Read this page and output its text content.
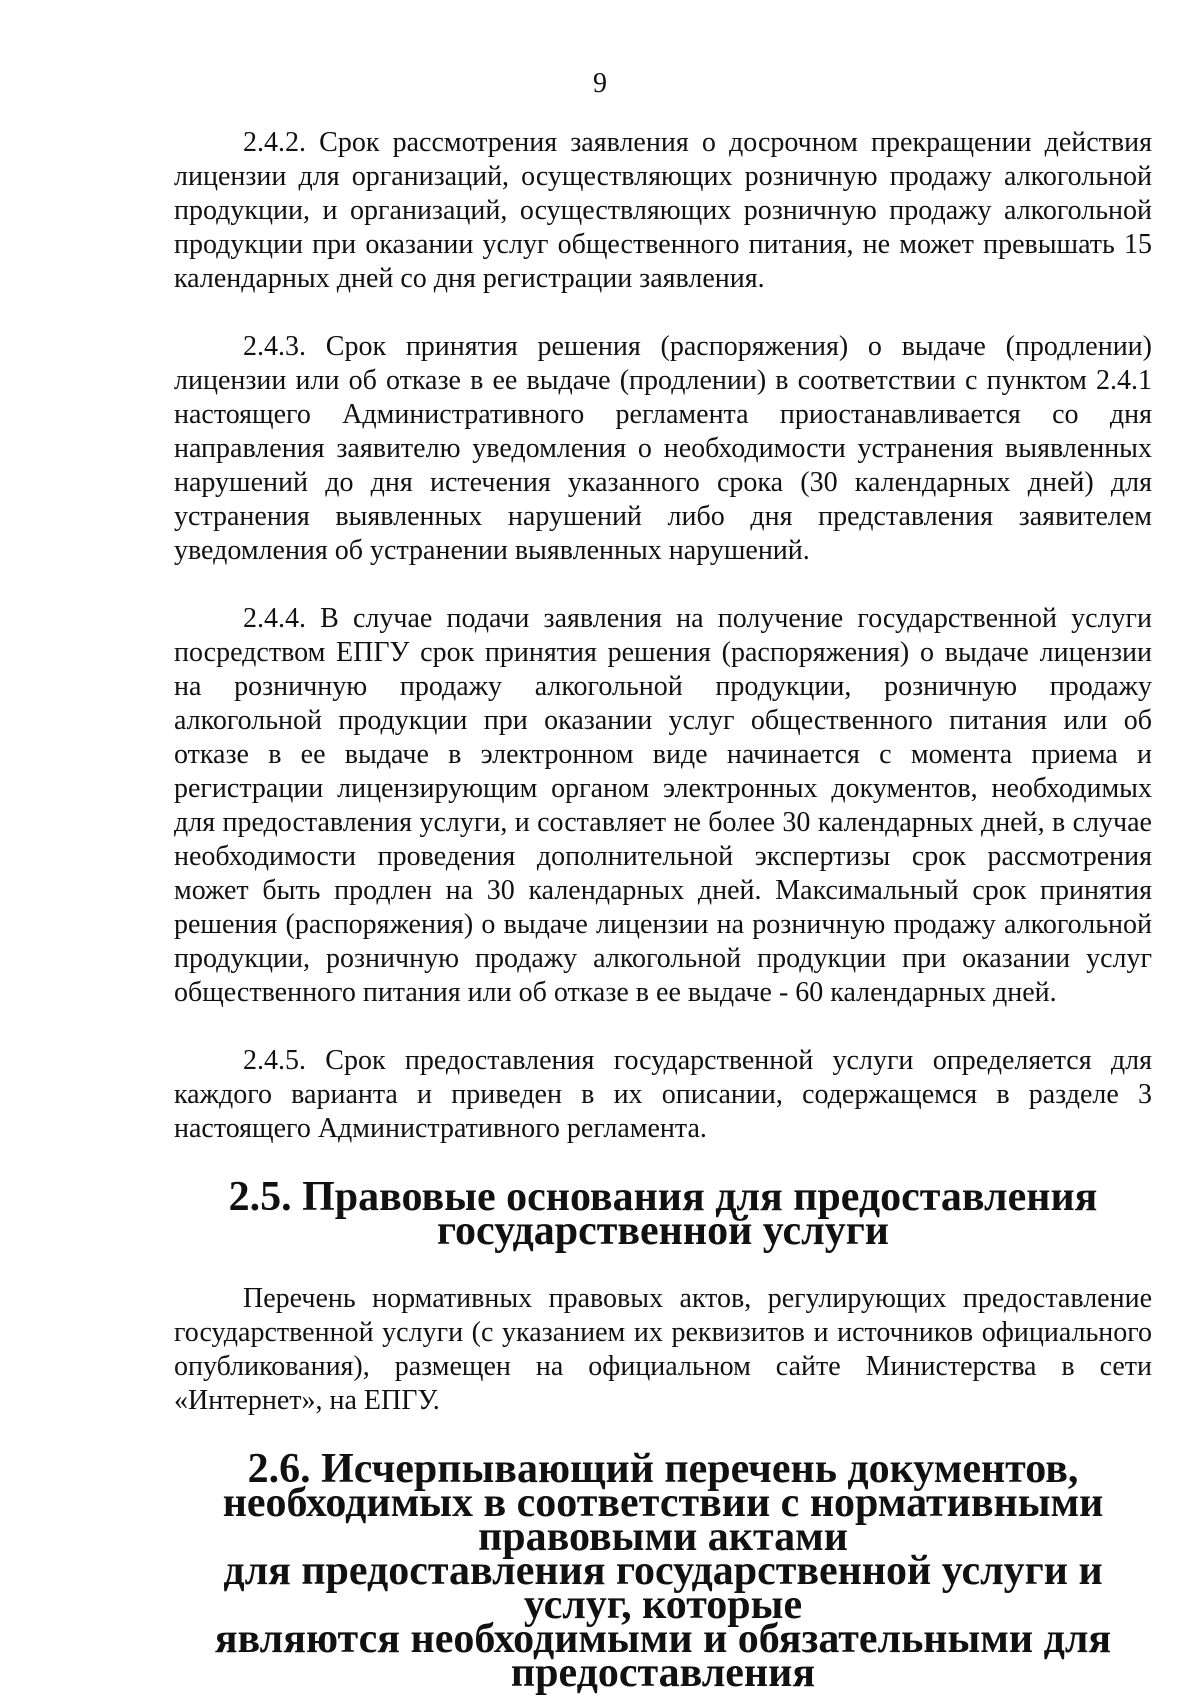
9

2.4.2. Срок рассмотрения заявления о досрочном прекращении действия лицензии для организаций, осуществляющих розничную продажу алкогольной продукции, и организаций, осуществляющих розничную продажу алкогольной продукции при оказании услуг общественного питания, не может превышать 15 календарных дней со дня регистрации заявления.

2.4.3. Срок принятия решения (распоряжения) о выдаче (продлении) лицензии или об отказе в ее выдаче (продлении) в соответствии с пунктом 2.4.1 настоящего Административного регламента приостанавливается со дня направления заявителю уведомления о необходимости устранения выявленных нарушений до дня истечения указанного срока (30 календарных дней) для устранения выявленных нарушений либо дня представления заявителем уведомления об устранении выявленных нарушений.

2.4.4. В случае подачи заявления на получение государственной услуги посредством ЕПГУ срок принятия решения (распоряжения) о выдаче лицензии на розничную продажу алкогольной продукции, розничную продажу алкогольной продукции при оказании услуг общественного питания или об отказе в ее выдаче в электронном виде начинается с момента приема и регистрации лицензирующим органом электронных документов, необходимых для предоставления услуги, и составляет не более 30 календарных дней, в случае необходимости проведения дополнительной экспертизы срок рассмотрения может быть продлен на 30 календарных дней. Максимальный срок принятия решения (распоряжения) о выдаче лицензии на розничную продажу алкогольной продукции, розничную продажу алкогольной продукции при оказании услуг общественного питания или об отказе в ее выдаче - 60 календарных дней.

2.4.5. Срок предоставления государственной услуги определяется для каждого варианта и приведен в их описании, содержащемся в разделе 3 настоящего Административного регламента.

2.5. Правовые основания для предоставления
государственной услуги

Перечень нормативных правовых актов, регулирующих предоставление государственной услуги (с указанием их реквизитов и источников официального опубликования), размещен на официальном сайте Министерства в сети «Интернет», на ЕПГУ.

2.6. Исчерпывающий перечень документов,
необходимых в соответствии с нормативными правовыми актами
для предоставления государственной услуги и услуг, которые
являются необходимыми и обязательными для предоставления
